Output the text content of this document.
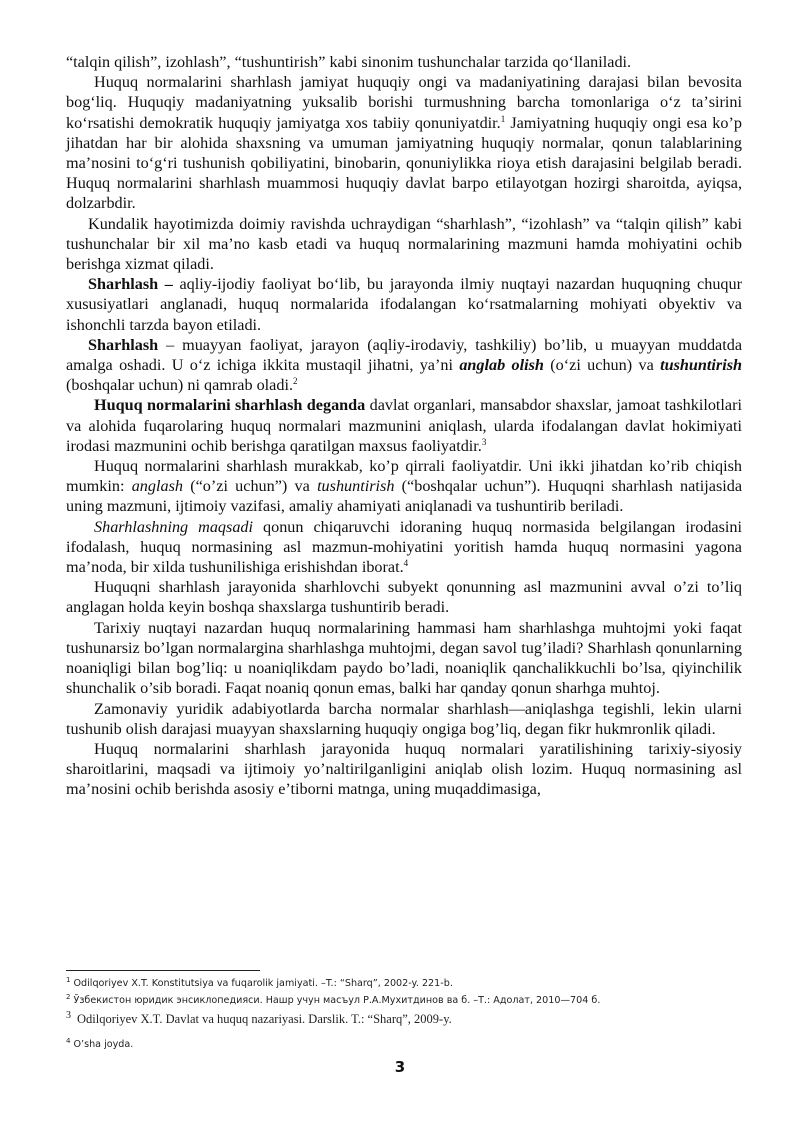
“talqin qilish”, izohlash”, “tushuntirish” kabi sinonim tushunchalar tarzida qoʻllaniladi.

Huquq normalarini sharhlash jamiyat huquqiy ongi va madaniyatining darajasi bilan bevosita bogʻliq. Huquqiy madaniyatning yuksalib borishi turmushning barcha tomonlariga oʻz taʼsirini koʻrsatishi demokratik huquqiy jamiyatga xos tabiiy qonuniyatdir.$^1$ Jamiyatning huquqiy ongi esa ko’p jihatdan har bir alohida shaxsning va umuman jamiyatning huquqiy normalar, qonun talablarining ma’nosini to‘g‘ri tushunish qobiliyatini, binobarin, qonuniylikka rioya etish darajasini belgilab beradi. Huquq normalarini sharhlash muammosi huquqiy davlat barpo etilayotgan hozirgi sharoitda, ayiqsa, dolzarbdir.

Kundalik hayotimizda doimiy ravishda uchraydigan “sharhlash”, “izohlash” va “talqin qilish” kabi tushunchalar bir xil ma’no kasb etadi va huquq normalarining mazmuni hamda mohiyatini ochib berishga xizmat qiladi.

Sharhlash – aqliy-ijodiy faoliyat boʻlib, bu jarayonda ilmiy nuqtayi nazardan huquqning chuqur xususiyatlari anglanadi, huquq normalarida ifodalangan koʻrsatmalarning mohiyati obyektiv va ishonchli tarzda bayon etiladi.

Sharhlash – muayyan faoliyat, jarayon (aqliy-irodaviy, tashkiliy) bo’lib, u muayyan muddatda amalga oshadi. U o‘z ichiga ikkita mustaqil jihatni, ya’ni anglab olish (o‘zi uchun) va tushuntirish (boshqalar uchun) ni qamrab oladi.$^2$

Huquq normalarini sharhlash deganda davlat organlari, mansabdor shaxslar, jamoat tashkilotlari va alohida fuqarolaring huquq normalari mazmunini aniqlash, ularda ifodalangan davlat hokimiyati irodasi mazmunini ochib berishga qaratilgan maxsus faoliyatdir.$^3$

Huquq normalarini sharhlash murakkab, ko’p qirrali faoliyatdir. Uni ikki jihatdan ko’rib chiqish mumkin: anglash (“o’zi uchun”) va tushuntirish (“boshqalar uchun”). Huquqni sharhlash natijasida uning mazmuni, ijtimoiy vazifasi, amaliy ahamiyati aniqlanadi va tushuntirib beriladi.

Sharhlashning maqsadi qonun chiqaruvchi idoraning huquq normasida belgilangan irodasini ifodalash, huquq normasining asl mazmun-mohiyatini yoritish hamda huquq normasini yagona ma’noda, bir xilda tushunilishiga erishishdan iborat.$^4$

Huquqni sharhlash jarayonida sharhlovchi subyekt qonunning asl mazmunini avval o’zi to’liq anglagan holda keyin boshqa shaxslarga tushuntirib beradi.

Tarixiy nuqtayi nazardan huquq normalarining hammasi ham sharhlashga muhtojmi yoki faqat tushunarsiz bo’lgan normalargina sharhlashga muhtojmi, degan savol tug’iladi? Sharhlash qonunlarning noaniqligi bilan bog’liq: u noaniqlikdam paydo bo’ladi, noaniqlik qanchalikkuchli bo’lsa, qiyinchilik shunchalik o’sib boradi. Faqat noaniq qonun emas, balki har qanday qonun sharhga muhtoj.

Zamonaviy yuridik adabiyotlarda barcha normalar sharhlash—aniqlashga tegishli, lekin ularni tushunib olish darajasi muayyan shaxslarning huquqiy ongiga bog’liq, degan fikr hukmronlik qiladi.

Huquq normalarini sharhlash jarayonida huquq normalari yaratilishining tarixiy-siyosiy sharoitlarini, maqsadi va ijtimoiy yo’naltirilganligini aniqlab olish lozim. Huquq normasining asl ma’nosini ochib berishda asosiy e’tiborni matnga, uning muqaddimasiga,

$^1$ Odilqoriyev X.T. Konstitutsiya va fuqarolik jamiyati. –T.: “Sharq”, 2002-y. 221-b.

$^2$ Ўзбекистон юридик энсиклопедияси. Нашр учун масъул Р.А.Мухитдинов ва б. –Т.: Адолат, 2010—704 б.

$^3$ Odilqoriyev X.T. Davlat va huquq nazariyasi. Darslik. T.: “Sharq”, 2009-y.

$^4$ O’sha joyda.

3
